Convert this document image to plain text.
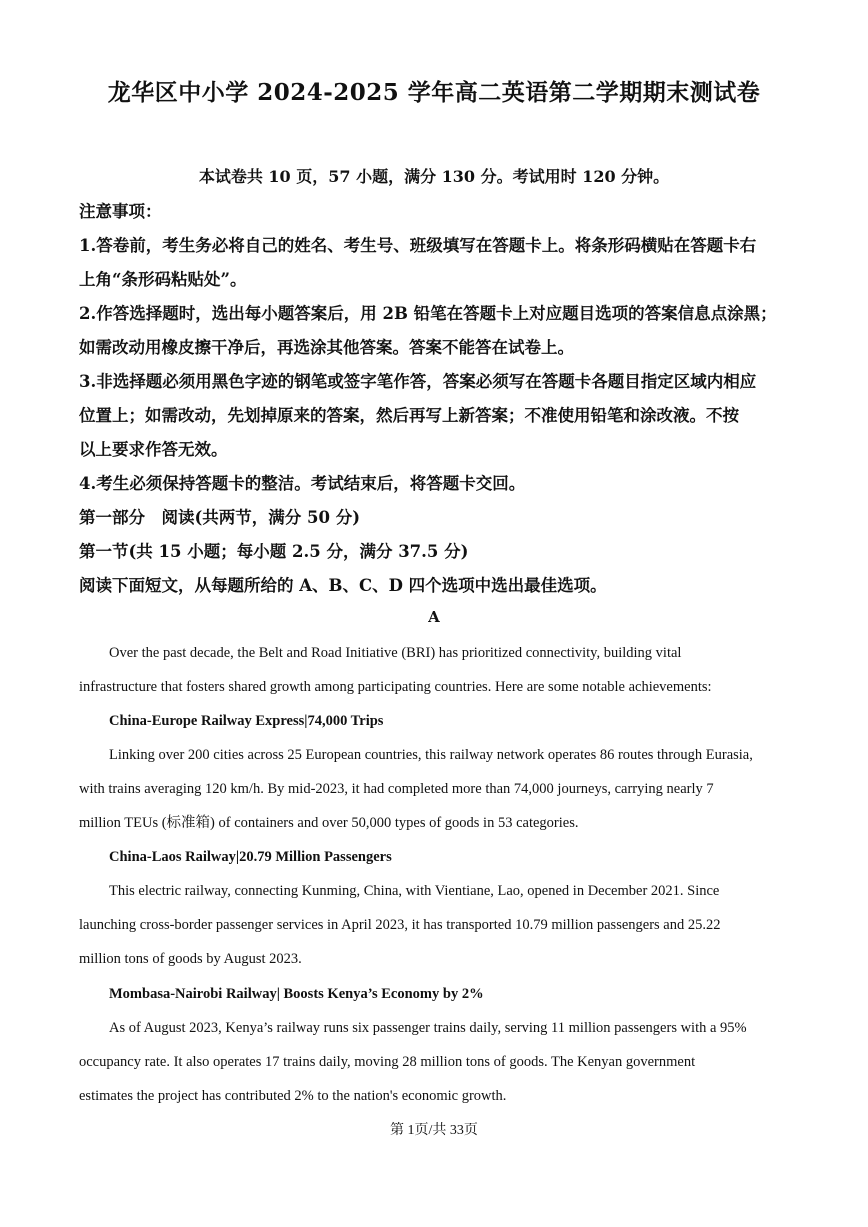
龙华区中小学 2024-2025 学年高二英语第二学期期末测试卷
本试卷共 10 页，57 小题，满分 130 分。考试用时 120 分钟。
注意事项：
1.答卷前，考生务必将自己的姓名、考生号、班级填写在答题卡上。将条形码横贴在答题卡右
上角“条形码粘贴处”。
2.作答选择题时，选出每小题答案后，用 2B 铅笔在答题卡上对应题目选项的答案信息点涂黑；
如需改动用橡皮擦干净后，再选涂其他答案。答案不能答在试卷上。
3.非选择题必须用黑色字迹的钢笔或签字笔作答，答案必须写在答题卡各题目指定区域内相应
位置上；如需改动，先划掉原来的答案，然后再写上新答案；不准使用铅笔和涂改液。不按
以上要求作答无效。
4.考生必须保持答题卡的整洁。考试结束后，将答题卡交回。
第一部分　阅读(共两节，满分 50 分)
第一节(共 15 小题；每小题 2.5 分，满分 37.5 分)
阅读下面短文，从每题所给的 A、B、C、D 四个选项中选出最佳选项。
A
Over the past decade, the Belt and Road Initiative (BRI) has prioritized connectivity, building vital
infrastructure that fosters shared growth among participating countries. Here are some notable achievements:
China-Europe Railway Express|74,000 Trips
Linking over 200 cities across 25 European countries, this railway network operates 86 routes through Eurasia,
with trains averaging 120 km/h. By mid-2023, it had completed more than 74,000 journeys, carrying nearly 7
million TEUs (标准箱) of containers and over 50,000 types of goods in 53 categories.
China-Laos Railway|20.79 Million Passengers
This electric railway, connecting Kunming, China, with Vientiane, Lao, opened in December 2021. Since
launching cross-border passenger services in April 2023, it has transported 10.79 million passengers and 25.22
million tons of goods by August 2023.
Mombasa-Nairobi Railway| Boosts Kenya’s Economy by 2%
As of August 2023, Kenya’s railway runs six passenger trains daily, serving 11 million passengers with a 95%
occupancy rate. It also operates 17 trains daily, moving 28 million tons of goods. The Kenyan government
estimates the project has contributed 2% to the nation's economic growth.
第 1页/共 33页
